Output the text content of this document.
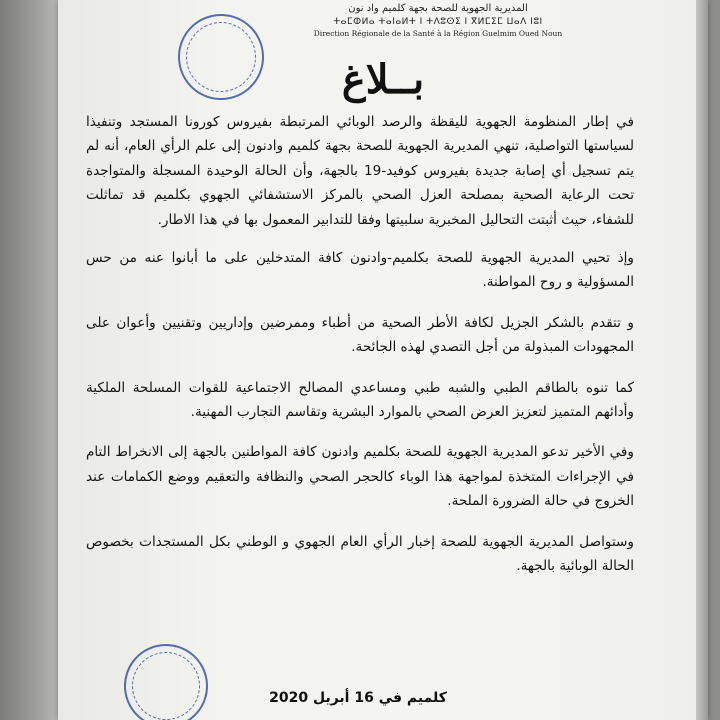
المديرية الجهوية للصحة بجهة كلميم واد نون
ⵜⴰⵎⵀⵍⴰ ⵜⴰⵏⴰⵍⵜ ⵏ ⵜⴷⵓⵙⵉ ⵏ ⴳⵍⵎⵉⵎ ⵡⴰⴷ ⵏⵓⵏ
Direction Régionale de la Santé à la Région Guelmim Oued Noun
بــلاغ

في إطار المنظومة الجهوية لليقظة والرصد الوبائي المرتبطة بفيروس كورونا المستجد وتنفيذا لسياستها التواصلية، تنهي المديرية الجهوية للصحة بجهة كلميم وادنون إلى علم الرأي العام، أنه لم يتم تسجيل أي إصابة جديدة بفيروس كوفيد-19 بالجهة، وأن الحالة الوحيدة المسجلة والمتواجدة تحت الرعاية الصحية بمصلحة العزل الصحي بالمركز الاستشفائي الجهوي بكلميم قد تماثلت للشفاء، حيث أثبتت التحاليل المخبرية سلبيتها وفقا للتدابير المعمول بها في هذا الاطار.

وإذ تحيي المديرية الجهوية للصحة بكلميم-وادنون كافة المتدخلين على ما أبانوا عنه من حس المسؤولية و روح المواطنة.

و تتقدم بالشكر الجزيل لكافة الأطر الصحية من أطباء وممرضين وإداريين وتقنيين وأعوان على المجهودات المبذولة من أجل التصدي لهذه الجائحة.

كما تنوه بالطاقم الطبي والشبه طبي ومساعدي المصالح الاجتماعية للقوات المسلحة الملكية وأدائهم المتميز لتعزيز العرض الصحي بالموارد البشرية وتقاسم التجارب المهنية.

وفي الأخير تدعو المديرية الجهوية للصحة بكلميم وادنون كافة المواطنين بالجهة إلى الانخراط التام في الإجراءات المتخذة لمواجهة هذا الوباء كالحجر الصحي والنظافة والتعقيم ووضع الكمامات عند الخروج في حالة الضرورة الملحة.

وستواصل المديرية الجهوية للصحة إخبار الرأي العام الجهوي و الوطني بكل المستجدات بخصوص الحالة الوبائية بالجهة.

كلميم في 16 أبريل 2020
